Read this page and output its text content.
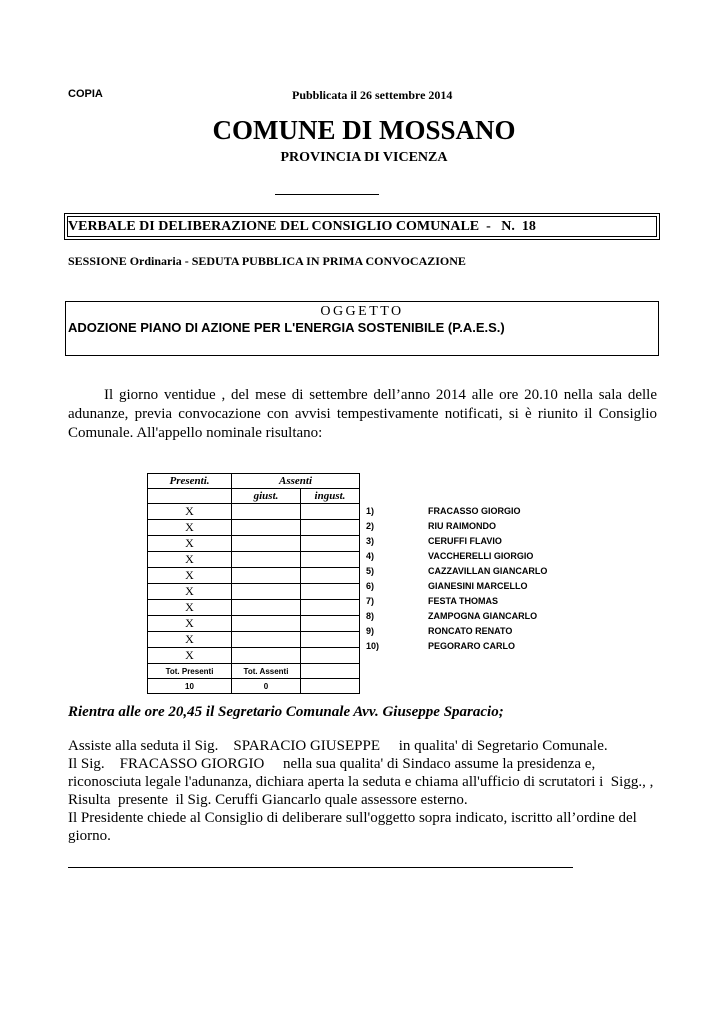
COPIA	Pubblicata il 26 settembre 2014
COMUNE DI MOSSANO
PROVINCIA DI VICENZA
VERBALE DI DELIBERAZIONE DEL CONSIGLIO COMUNALE  -   N.  18
SESSIONE Ordinaria - SEDUTA PUBBLICA IN PRIMA CONVOCAZIONE
OGGETTO
ADOZIONE PIANO DI AZIONE PER L'ENERGIA SOSTENIBILE (P.A.E.S.)

Il giorno ventidue , del mese di settembre dell’anno 2014 alle ore 20.10 nella sala delle adunanze, previa convocazione con avvisi tempestivamente notificati, si è riunito il Consiglio Comunale. All'appello nominale risultano:

Presenti.	Assenti	
	giust.	ingust.
X		
X		
X		
X		
X		
X		
X		
X		
X		
X		
Tot. Presenti	Tot. Assenti	
10	0	
1)	FRACASSO GIORGIO
2)	RIU RAIMONDO
3)	CERUFFI FLAVIO
4)	VACCHERELLI GIORGIO
5)	CAZZAVILLAN GIANCARLO
6)	GIANESINI MARCELLO
7)	FESTA THOMAS
8)	ZAMPOGNA GIANCARLO
9)	RONCATO RENATO
10)	PEGORARO CARLO
Rientra alle ore 20,45 il Segretario Comunale Avv. Giuseppe Sparacio;
Assiste alla seduta il Sig.    SPARACIO GIUSEPPE     in qualita' di Segretario Comunale.
Il Sig.    FRACASSO GIORGIO     nella sua qualita' di Sindaco assume la presidenza e,
riconosciuta legale l'adunanza, dichiara aperta la seduta e chiama all'ufficio di scrutatori i  Sigg., ,
Risulta  presente  il Sig. Ceruffi Giancarlo quale assessore esterno.
Il Presidente chiede al Consiglio di deliberare sull'oggetto sopra indicato, iscritto all’ordine del
giorno.
